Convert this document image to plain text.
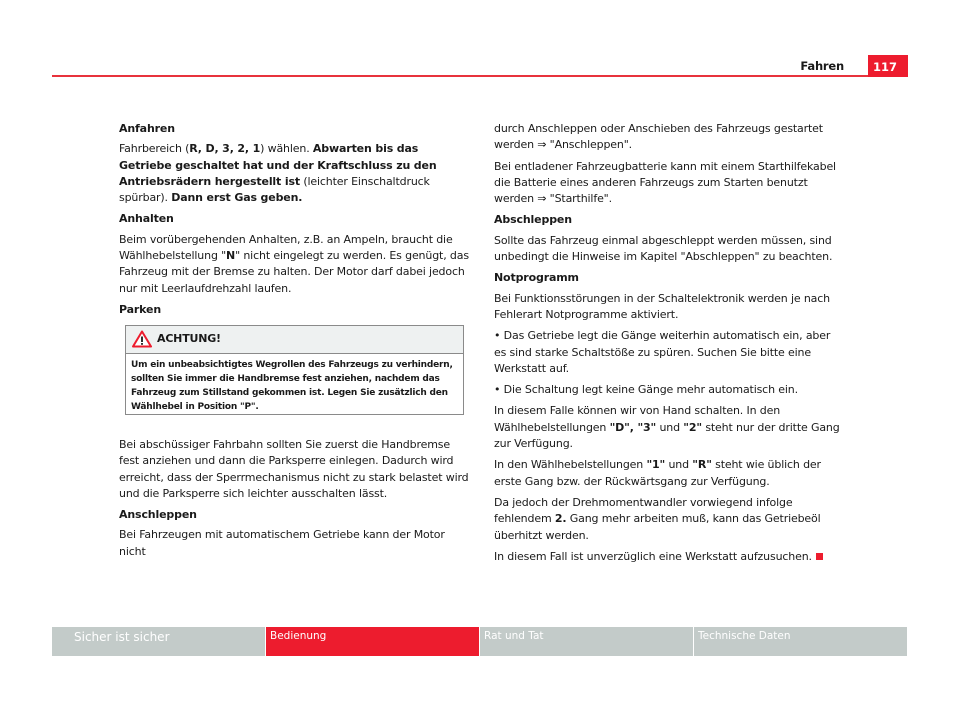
Fahren	117
Anfahren

Fahrbereich (R, D, 3, 2, 1) wählen. Abwarten bis das Getriebe geschaltet hat und der Kraftschluss zu den Antriebsrädern hergestellt ist (leichter Einschaltdruck spürbar). Dann erst Gas geben.

Anhalten

Beim vorübergehenden Anhalten, z.B. an Ampeln, braucht die Wählhebelstellung "N" nicht eingelegt zu werden. Es genügt, das Fahrzeug mit der Bremse zu halten. Der Motor darf dabei jedoch nur mit Leerlaufdrehzahl laufen.

Parken
ACHTUNG!
Um ein unbeabsichtigtes Wegrollen des Fahrzeugs zu verhindern, sollten Sie immer die Handbremse fest anziehen, nachdem das Fahrzeug zum Stillstand gekommen ist. Legen Sie zusätzlich den Wählhebel in Position "P".

Bei abschüssiger Fahrbahn sollten Sie zuerst die Handbremse fest anziehen und dann die Parksperre einlegen. Dadurch wird erreicht, dass der Sperrmechanismus nicht zu stark belastet wird und die Parksperre sich leichter ausschalten lässt.

Anschleppen

Bei Fahrzeugen mit automatischem Getriebe kann der Motor nicht

durch Anschleppen oder Anschieben des Fahrzeugs gestartet werden ⇒ "Anschleppen".

Bei entladener Fahrzeugbatterie kann mit einem Starthilfekabel die Batterie eines anderen Fahrzeugs zum Starten benutzt werden ⇒ "Starthilfe".

Abschleppen

Sollte das Fahrzeug einmal abgeschleppt werden müssen, sind unbedingt die Hinweise im Kapitel "Abschleppen" zu beachten.

Notprogramm

Bei Funktionsstörungen in der Schaltelektronik werden je nach Fehlerart Notprogramme aktiviert.

• Das Getriebe legt die Gänge weiterhin automatisch ein, aber es sind starke Schaltstöße zu spüren. Suchen Sie bitte eine Werkstatt auf.

• Die Schaltung legt keine Gänge mehr automatisch ein.

In diesem Falle können wir von Hand schalten. In den Wählhebelstellungen "D", "3" und "2" steht nur der dritte Gang zur Verfügung.

In den Wählhebelstellungen "1" und "R" steht wie üblich der erste Gang bzw. der Rückwärtsgang zur Verfügung.

Da jedoch der Drehmomentwandler vorwiegend infolge fehlendem 2. Gang mehr arbeiten muß, kann das Getriebeöl überhitzt werden.

In diesem Fall ist unverzüglich eine Werkstatt aufzusuchen.

Sicher ist sicher	Bedienung	Rat und Tat	Technische Daten
